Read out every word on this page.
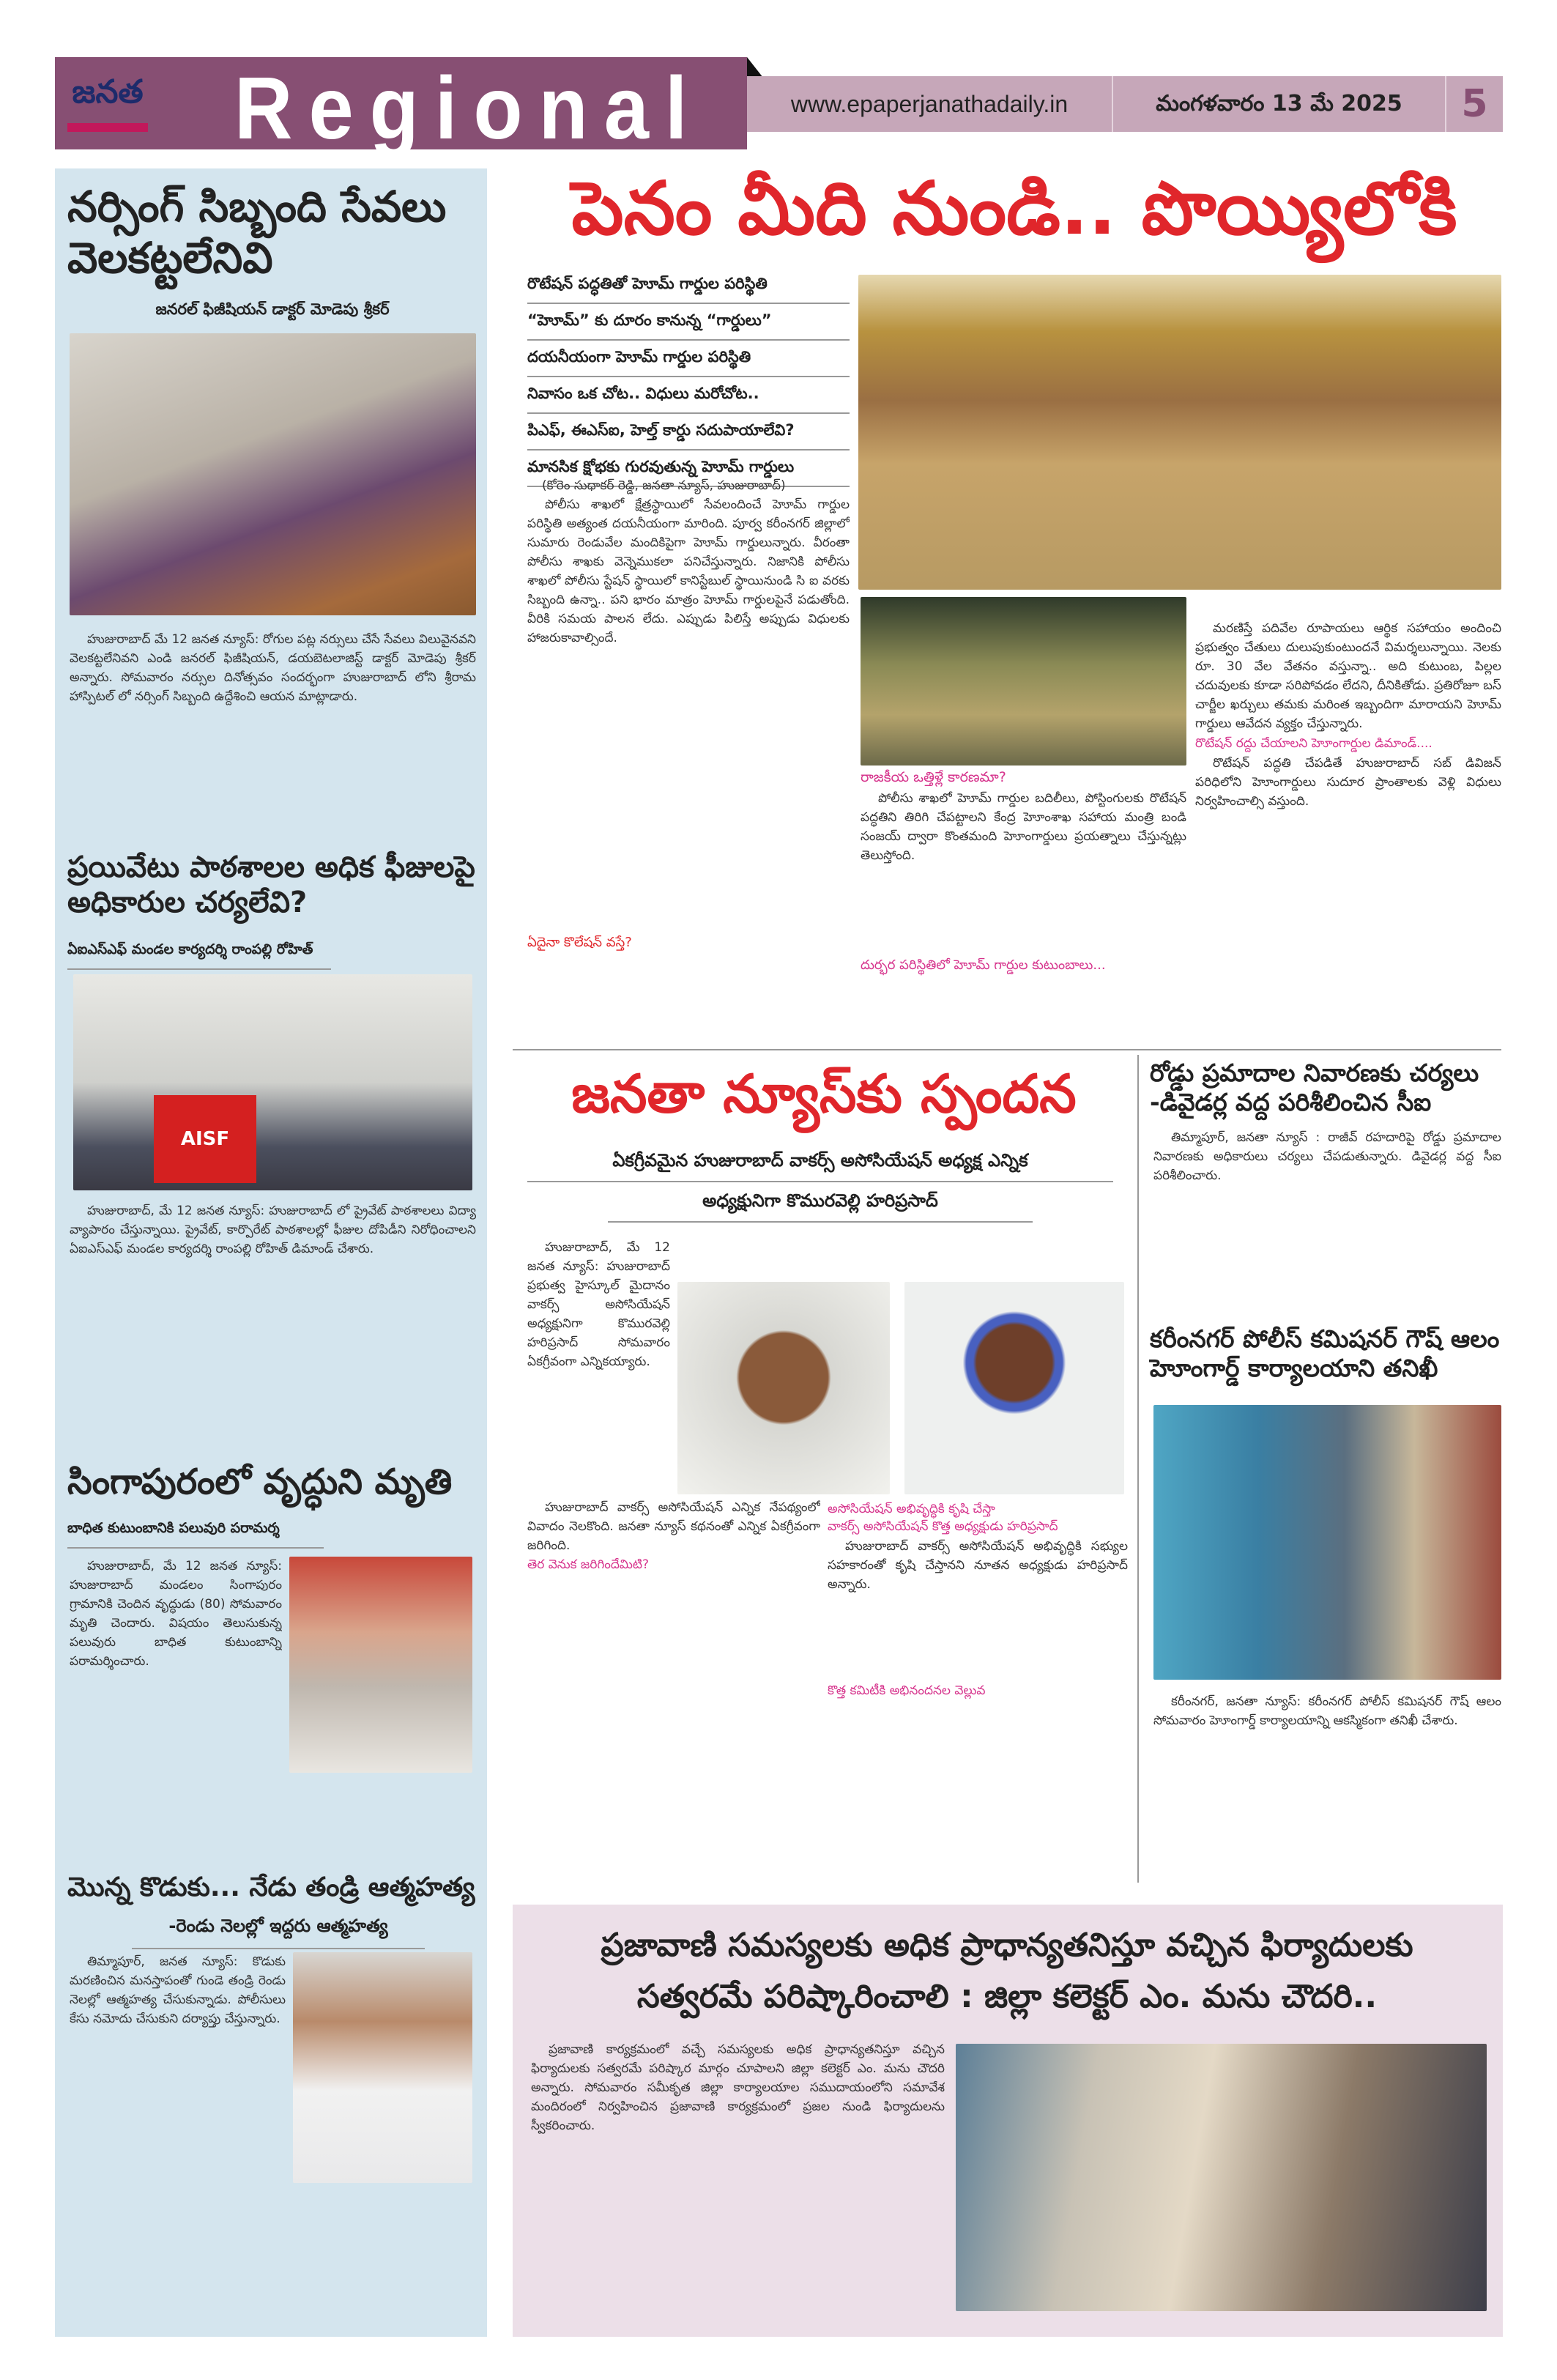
జనత Regional	www.epaperjanathadaily.in	మంగళవారం 13 మే 2025	5
నర్సింగ్ సిబ్బంది సేవలు వెలకట్టలేనివి
జనరల్ ఫిజీషియన్ డాక్టర్ మోడెపు శ్రీకర్
హుజురాబాద్ మే 12 జనత న్యూస్: రోగుల పట్ల నర్సులు చేసే సేవలు విలువైనవని వెలకట్టలేనివని ఎండి జనరల్ ఫిజీషియన్, డయబెటలాజిస్ట్ డాక్టర్ మోడెపు శ్రీకర్ అన్నారు. సోమవారం నర్సుల దినోత్సవం సందర్భంగా హుజురాబాద్ లోని శ్రీరామ హాస్పిటల్ లో నర్సింగ్ సిబ్బంది ఉద్దేశించి ఆయన మాట్లాడారు.
ప్రయివేటు పాఠశాలల అధిక ఫీజులపై అధికారుల చర్యలేవి?
ఏఐఎస్ఎఫ్ మండల కార్యదర్శి రాంపల్లి రోహిత్
AISF
హుజురాబాద్, మే 12 జనత న్యూస్: హుజురాబాద్ లో ప్రైవేట్ పాఠశాలలు విద్యా వ్యాపారం చేస్తున్నాయి. ప్రైవేట్, కార్పొరేట్ పాఠశాలల్లో ఫీజుల దోపిడీని నిరోధించాలని ఏఐఎస్ఎఫ్ మండల కార్యదర్శి రాంపల్లి రోహిత్ డిమాండ్ చేశారు.
సింగాపురంలో వృద్ధుని మృతి
బాధిత కుటుంబానికి పలువురి పరామర్శ
హుజురాబాద్, మే 12 జనత న్యూస్: హుజురాబాద్ మండలం సింగాపురం గ్రామానికి చెందిన వృద్ధుడు (80) సోమవారం మృతి చెందారు. విషయం తెలుసుకున్న పలువురు బాధిత కుటుంబాన్ని పరామర్శించారు.
మొన్న కొడుకు... నేడు తండ్రి ఆత్మహత్య
-రెండు నెలల్లో ఇద్దరు ఆత్మహత్య
తిమ్మాపూర్, జనత న్యూస్: కొడుకు మరణించిన మనస్తాపంతో గుండె తండ్రి రెండు నెలల్లో ఆత్మహత్య చేసుకున్నాడు. పోలీసులు కేసు నమోదు చేసుకుని దర్యాప్తు చేస్తున్నారు.
పెనం మీది నుండి.. పొయ్యిలోకి
రొటేషన్ పద్ధతితో హెూమ్ గార్డుల పరిస్థితి
“హెూమ్” కు దూరం కానున్న “గార్డులు”
దయనీయంగా హెూమ్ గార్డుల పరిస్థితి
నివాసం ఒక చోట.. విధులు మరోచోట..
పిఎఫ్, ఈఎస్ఐ, హెల్త్ కార్డు సదుపాయాలేవి?
మానసిక క్షోభకు గురవుతున్న హెూమ్ గార్డులు
(కోరెం సుధాకర్ రెడ్డి, జనతా న్యూస్, హుజురాబాద్)
పోలీసు శాఖలో క్షేత్రస్థాయిలో సేవలందించే హెూమ్ గార్డుల పరిస్థితి అత్యంత దయనీయంగా మారింది. పూర్వ కరీంనగర్ జిల్లాలో సుమారు రెండువేల మందికిపైగా హెూమ్ గార్డులున్నారు. వీరంతా పోలీసు శాఖకు వెన్నెముకలా పనిచేస్తున్నారు. నిజానికి పోలీసు శాఖలో పోలీసు స్టేషన్ స్థాయిలో కానిస్టేబుల్ స్థాయినుండి సి ఐ వరకు సిబ్బంది ఉన్నా.. పని భారం మాత్రం హెూమ్ గార్డులపైనే పడుతోంది. వీరికి సమయ పాలన లేదు. ఎప్పుడు పిలిస్తే అప్పుడు విధులకు హాజరుకావాల్సిందే.
ఏదైనా కొలేషన్ వస్తే?
రాజకీయ ఒత్తిళ్లే కారణమా?
పోలీసు శాఖలో హెూమ్ గార్డుల బదిలీలు, పోస్టింగులకు రొటేషన్ పద్ధతిని తిరిగి చేపట్టాలని కేంద్ర హెూంశాఖ సహాయ మంత్రి బండి సంజయ్ ద్వారా కొంతమంది హెూంగార్డులు ప్రయత్నాలు చేస్తున్నట్లు తెలుస్తోంది.
దుర్భర పరిస్థితిలో హెూమ్ గార్డుల కుటుంబాలు...
మరణిస్తే పదివేల రూపాయలు ఆర్థిక సహాయం అందించి ప్రభుత్వం చేతులు దులుపుకుంటుందనే విమర్శలున్నాయి. నెలకు రూ. 30 వేల వేతనం వస్తున్నా.. అది కుటుంబ, పిల్లల చదువులకు కూడా సరిపోవడం లేదని, దీనికితోడు. ప్రతిరోజూ బస్ చార్జీల ఖర్చులు తమకు మరింత ఇబ్బందిగా మారాయని హెూమ్ గార్డులు ఆవేదన వ్యక్తం చేస్తున్నారు.
రొటేషన్ రద్దు చేయాలని హెూంగార్డుల డిమాండ్....
రొటేషన్ పద్ధతి చేపడితే హుజురాబాద్ సబ్ డివిజన్ పరిధిలోని హెూంగార్డులు సుదూర ప్రాంతాలకు వెళ్లి విధులు నిర్వహించాల్సి వస్తుంది.
జనతా న్యూస్‌కు స్పందన
ఏకగ్రీవమైన హుజురాబాద్ వాకర్స్ అసోసియేషన్ అధ్యక్ష ఎన్నిక
అధ్యక్షునిగా కొమురవెల్లి హరిప్రసాద్
హుజురాబాద్, మే 12 జనత న్యూస్: హుజురాబాద్ ప్రభుత్వ హైస్కూల్ మైదానం వాకర్స్ అసోసియేషన్ అధ్యక్షునిగా కొమురవెల్లి హరిప్రసాద్ సోమవారం ఏకగ్రీవంగా ఎన్నికయ్యారు.
హుజురాబాద్ వాకర్స్ అసోసియేషన్ ఎన్నిక నేపథ్యంలో వివాదం నెలకొంది. జనతా న్యూస్ కథనంతో ఎన్నిక ఏకగ్రీవంగా జరిగింది.
తెర వెనుక జరిగిందేమిటి?
అసోసియేషన్ అభివృద్ధికి కృషి చేస్తా
వాకర్స్ అసోసియేషన్ కొత్త అధ్యక్షుడు హరిప్రసాద్
హుజురాబాద్ వాకర్స్ అసోసియేషన్ అభివృద్ధికి సభ్యుల సహకారంతో కృషి చేస్తానని నూతన అధ్యక్షుడు హరిప్రసాద్ అన్నారు.
కొత్త కమిటీకి అభినందనల వెల్లువ
రోడ్డు ప్రమాదాల నివారణకు చర్యలు -డివైడర్ల వద్ద పరిశీలించిన సీఐ
తిమ్మాపూర్, జనతా న్యూస్ : రాజీవ్ రహదారిపై రోడ్డు ప్రమాదాల నివారణకు అధికారులు చర్యలు చేపడుతున్నారు. డివైడర్ల వద్ద సీఐ పరిశీలించారు.
కరీంనగర్ పోలీస్ కమిషనర్ గౌష్ ఆలం హెూంగార్డ్ కార్యాలయాని తనిఖీ
కరీంనగర్, జనతా న్యూస్: కరీంనగర్ పోలీస్ కమిషనర్ గౌష్ ఆలం సోమవారం హెూంగార్డ్ కార్యాలయాన్ని ఆకస్మికంగా తనిఖీ చేశారు.
ప్రజావాణి సమస్యలకు అధిక ప్రాధాన్యతనిస్తూ వచ్చిన ఫిర్యాదులకు
సత్వరమే పరిష్కారించాలి : జిల్లా కలెక్టర్ ఎం. మను చౌదరి..
ప్రజావాణి కార్యక్రమంలో వచ్చే సమస్యలకు అధిక ప్రాధాన్యతనిస్తూ వచ్చిన ఫిర్యాదులకు సత్వరమే పరిష్కార మార్గం చూపాలని జిల్లా కలెక్టర్ ఎం. మను చౌదరి అన్నారు. సోమవారం సమీకృత జిల్లా కార్యాలయాల సముదాయంలోని సమావేశ మందిరంలో నిర్వహించిన ప్రజావాణి కార్యక్రమంలో ప్రజల నుండి ఫిర్యాదులను స్వీకరించారు.
